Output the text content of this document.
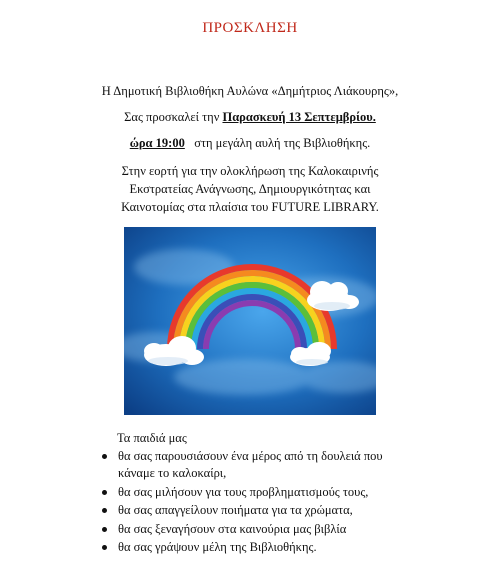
ΠΡΟΣΚΛΗΣΗ
Η Δημοτική Βιβλιοθήκη Αυλώνα «Δημήτριος Λιάκουρης»,
Σας προσκαλεί την Παρασκευή 13 Σεπτεμβρίου.
ώρα 19:00   στη μεγάλη αυλή της Βιβλιοθήκης.
Στην εορτή για την ολοκλήρωση της Καλοκαιρινής
Εκστρατείας Ανάγνωσης, Δημιουργικότητας και
Καινοτομίας στα πλαίσια του FUTURE LIBRARY.
Τα παιδιά μας
θα σας παρουσιάσουν ένα μέρος από τη δουλειά που
κάναμε το καλοκαίρι,
θα σας μιλήσουν για τους προβληματισμούς τους,
θα σας απαγγείλουν ποιήματα για τα χρώματα,
θα σας ξεναγήσουν στα καινούρια μας βιβλία
θα σας γράψουν μέλη της Βιβλιοθήκης.
